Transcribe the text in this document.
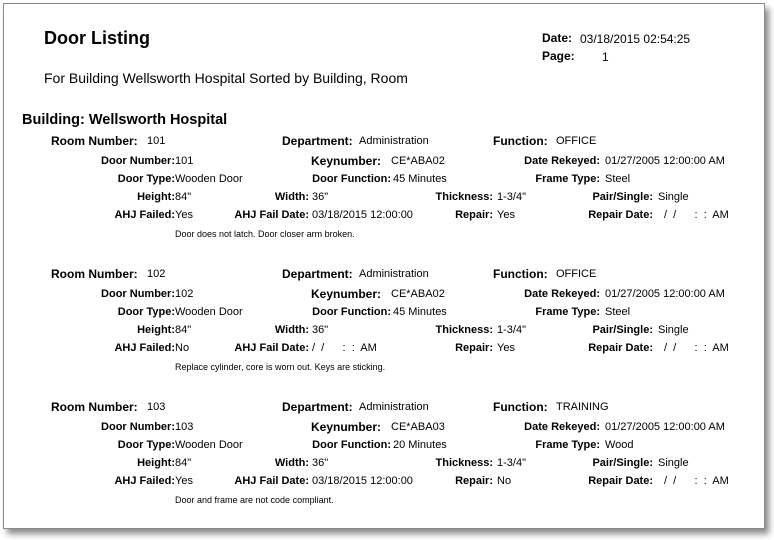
Door Listing
For Building Wellsworth Hospital Sorted by Building, Room
Date: 03/18/2015 02:54:25
Page: 1
Building: Wellsworth Hospital
Room Number: 101	Department: Administration	Function: OFFICE
Door Number: 101	Keynumber: CE*ABA02	Date Rekeyed: 01/27/2005 12:00:00 AM
Door Type: Wooden Door	Door Function: 45 Minutes	Frame Type: Steel
Height: 84"	Width: 36"	Thickness: 1-3/4"	Pair/Single: Single
AHJ Failed: Yes	AHJ Fail Date: 03/18/2015 12:00:00	Repair: Yes	Repair Date: /  /      :  :  AM
Door does not latch. Door closer arm broken.
Room Number: 102	Department: Administration	Function: OFFICE
Door Number: 102	Keynumber: CE*ABA02	Date Rekeyed: 01/27/2005 12:00:00 AM
Door Type: Wooden Door	Door Function: 45 Minutes	Frame Type: Steel
Height: 84"	Width: 36"	Thickness: 1-3/4"	Pair/Single: Single
AHJ Failed: No	AHJ Fail Date: /  /      :  :  AM	Repair: Yes	Repair Date: /  /      :  :  AM
Replace cylinder, core is worn out. Keys are sticking.
Room Number: 103	Department: Administration	Function: TRAINING
Door Number: 103	Keynumber: CE*ABA03	Date Rekeyed: 01/27/2005 12:00:00 AM
Door Type: Wooden Door	Door Function: 20 Minutes	Frame Type: Wood
Height: 84"	Width: 36"	Thickness: 1-3/4"	Pair/Single: Single
AHJ Failed: Yes	AHJ Fail Date: 03/18/2015 12:00:00	Repair: No	Repair Date: /  /      :  :  AM
Door and frame are not code compliant.
